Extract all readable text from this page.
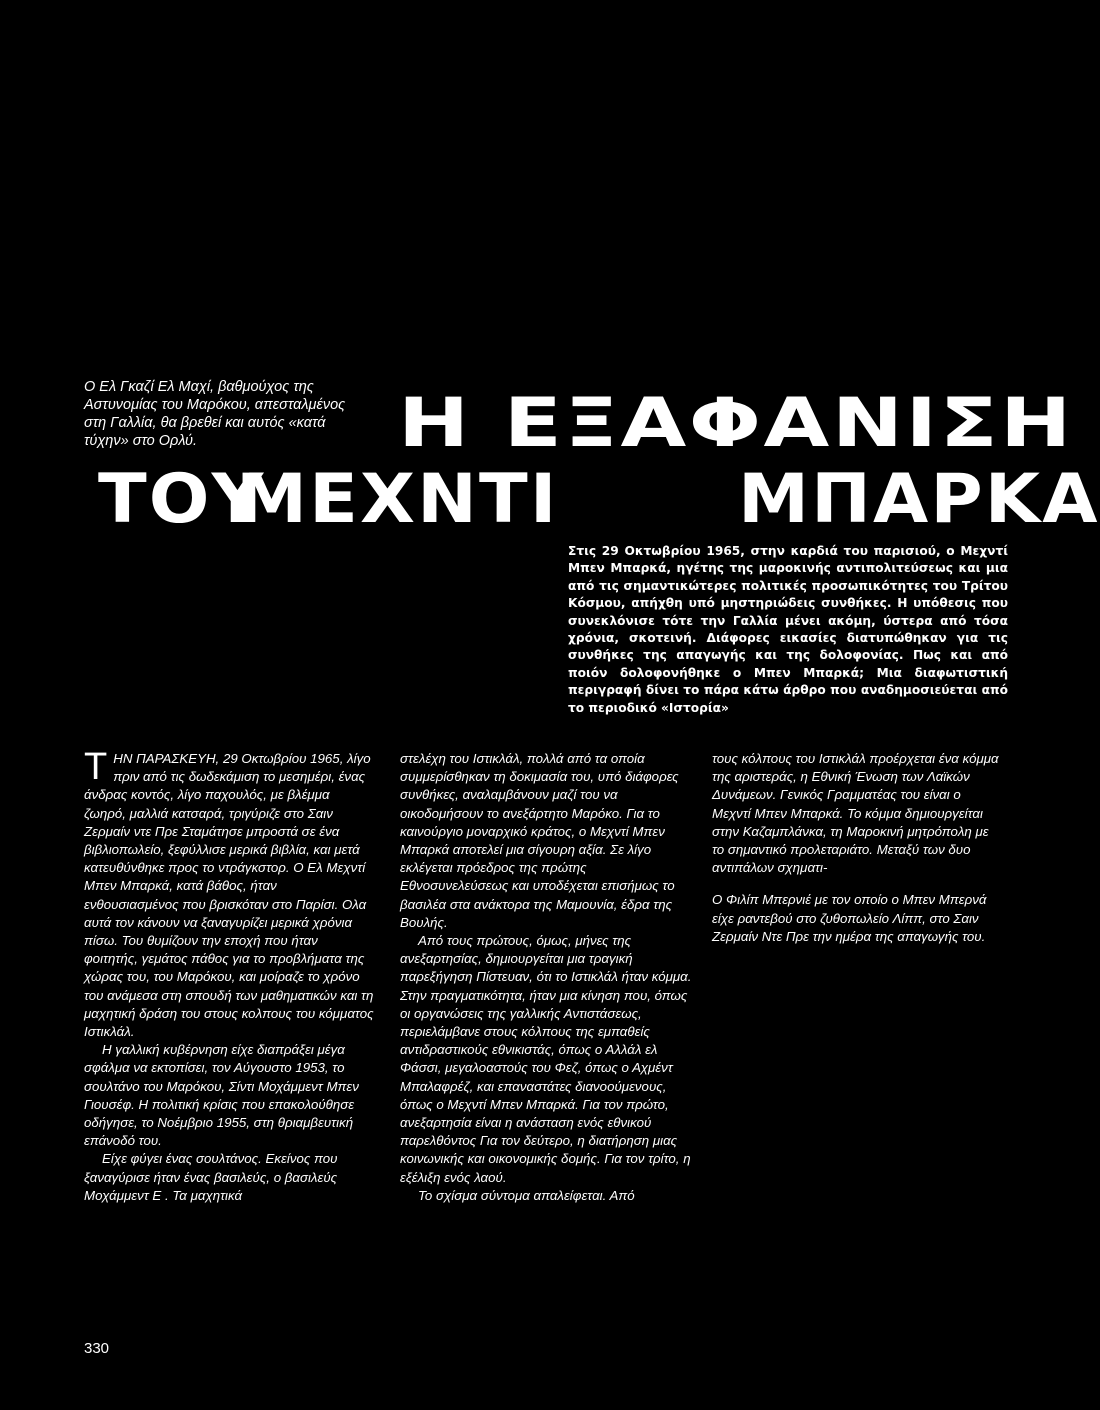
Ο Ελ Γκαζί Ελ Μαχί, βαθμούχος της Αστυνομίας του Μαρόκου, απεσταλμένος στη Γαλλία, θα βρεθεί και αυτός «κατά τύχην» στο Ορλύ.	Η ΕΞΑΦΑΝΙΣΗ
ΤΟΥ
ΜΕΧΝΤΙ	ΜΠΑΡΚΑ
Στις 29 Οκτωβρίου 1965, στην καρδιά του παρισιού, ο Μεχντί Μπεν Μπαρκά, ηγέτης της μαροκινής αντιπολιτεύσεως και μια από τις σημαντικώτερες πολιτικές προσωπικότητες του Τρίτου Κόσμου, απήχθη υπό μηστηριώδεις συνθήκες. Η υπόθεσις που συνεκλόνισε τότε την Γαλλία μένει ακόμη, ύστερα από τόσα χρόνια, σκοτεινή. Διάφορες εικασίες διατυπώθηκαν για τις συνθήκες της απαγωγής και της δολοφονίας. Πως και από ποιόν δολοφονήθηκε ο Μπεν Μπαρκά; Μια διαφωτιστική περιγραφή δίνει το πάρα κάτω άρθρο που αναδημοσιεύεται από το περιοδικό «Ιστορία»

ΤΗΝ ΠΑΡΑΣΚΕΥΗ, 29 Οκτωβρίου 1965, λίγο πριν από τις δωδεκάμιση το μεσημέρι, ένας άνδρας κοντός, λίγο παχουλός, με βλέμμα ζωηρό, μαλλιά κατσαρά, τριγύριζε στο Σαιν Ζερμαίν ντε Πρε Σταμάτησε μπροστά σε ένα βιβλιοπωλείο, ξεφύλλισε μερικά βιβλία, και μετά κατευθύνθηκε προς το ντράγκστορ. Ο Ελ Μεχντί Μπεν Μπαρκά, κατά βάθος, ήταν ενθουσιασμένος που βρισκόταν στο Παρίσι. Ολα αυτά τον κάνουν να ξαναγυρίζει μερικά χρόνια πίσω. Του θυμίζουν την εποχή που ήταν φοιτητής, γεμάτος πάθος για το προβλήματα της χώρας του, του Μαρόκου, και μοίραζε το χρόνο του ανάμεσα στη σπουδή των μαθηματικών και τη μαχητική δράση του στους κολπους του κόμματος Ιστικλάλ.

Η γαλλική κυβέρνηση είχε διαπράξει μέγα σφάλμα να εκτοπίσει, τον Αύγουστο 1953, το σουλτάνο του Μαρόκου, Σίντι Μοχάμμεντ Μπεν Γιουσέφ. Η πολιτική κρίσις που επακολούθησε οδήγησε, το Νοέμβριο 1955, στη θριαμβευτική επάνοδό του.

Είχε φύγει ένας σουλτάνος. Εκείνος που ξαναγύρισε ήταν ένας βασιλεύς, ο βασιλεύς Μοχάμμεντ Ε . Τα μαχητικά

στελέχη του Ιστικλάλ, πολλά από τα οποία συμμερίσθηκαν τη δοκιμασία του, υπό διάφορες συνθήκες, αναλαμβάνουν μαζί του να οικοδομήσουν το ανεξάρτητο Μαρόκο. Για το καινούργιο μοναρχικό κράτος, ο Μεχντί Μπεν Μπαρκά αποτελεί μια σίγουρη αξία. Σε λίγο εκλέγεται πρόεδρος της πρώτης Εθνοσυνελεύσεως και υποδέχεται επισήμως το βασιλέα στα ανάκτορα της Μαμουνία, έδρα της Βουλής.

Από τους πρώτους, όμως, μήνες της ανεξαρτησίας, δημιουργείται μια τραγική παρεξήγηση Πίστευαν, ότι το Ιστικλάλ ήταν κόμμα. Στην πραγματικότητα, ήταν μια κίνηση που, όπως οι οργανώσεις της γαλλικής Αντιστάσεως, περιελάμβανε στους κόλπους της εμπαθείς αντιδραστικούς εθνικιστάς, όπως ο Αλλάλ ελ Φάσσι, μεγαλοαστούς του Φεζ, όπως ο Αχμέντ Μπαλαφρέζ, και επαναστάτες διανοούμενους, όπως ο Μεχντί Μπεν Μπαρκά. Για τον πρώτο, ανεξαρτησία είναι η ανάσταση ενός εθνικού παρελθόντος Για τον δεύτερο, η διατήρηση μιας κοινωνικής και οικονομικής δομής. Για τον τρίτο, η εξέλιξη ενός λαού.

Το σχίσμα σύντομα απαλείφεται. Από

τους κόλπους του Ιστικλάλ προέρχεται ένα κόμμα της αριστεράς, η Εθνική Ένωση των Λαϊκών Δυνάμεων. Γενικός Γραμματέας του είναι ο Μεχντί Μπεν Μπαρκά. Το κόμμα δημιουργείται στην Καζαμπλάνκα, τη Μαροκινή μητρόπολη με το σημαντικό προλεταριάτο. Μεταξύ των δυο αντιπάλων σχηματι-

Ο Φιλίπ Μπερνιέ με τον οποίο ο Μπεν Μπερνά είχε ραντεβού στο ζυθοπωλείο Λίππ, στο Σαιν Ζερμαίν Ντε Πρε την ημέρα της απαγωγής του.

330
